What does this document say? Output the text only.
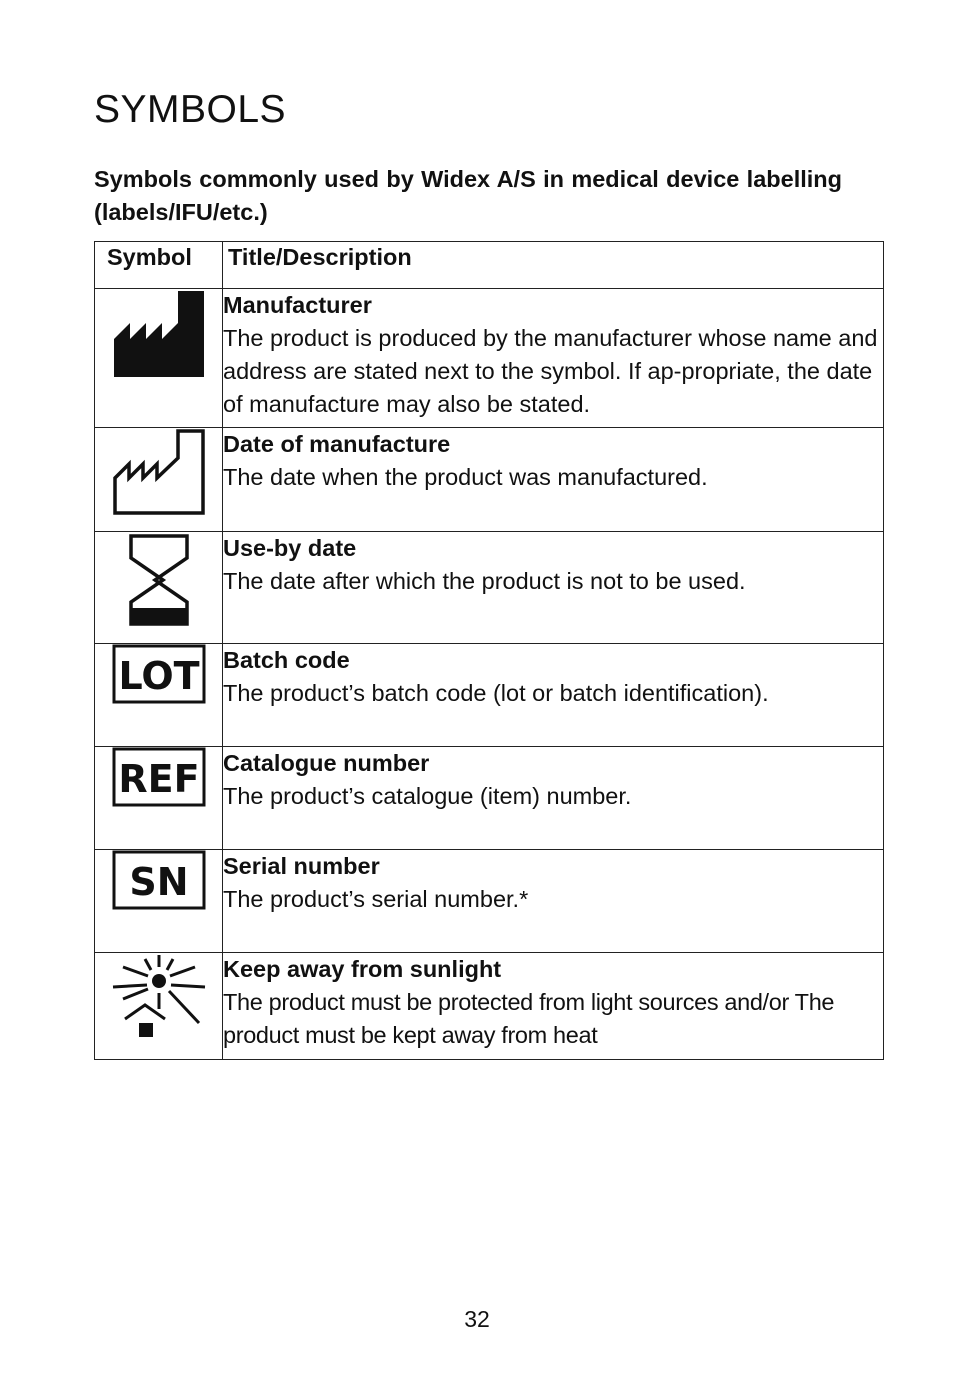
SYMBOLS

Symbols commonly used by Widex A/S in medical device labelling (labels/IFU/etc.)

Symbol	Title/Description

Manufacturer
The product is produced by the manufacturer whose name and address are stated next to the symbol. If ap-propriate, the date of manufacture may also be stated.

Date of manufacture
The date when the product was manufactured.

Use-by date
The date after which the product is not to be used.

LOT	Batch code
The product’s batch code (lot or batch identification).

REF	Catalogue number
The product’s catalogue (item) number.

SN	Serial number
The product’s serial number.*

Keep away from sunlight
The product must be protected from light sources and/or The product must be kept away from heat
32
